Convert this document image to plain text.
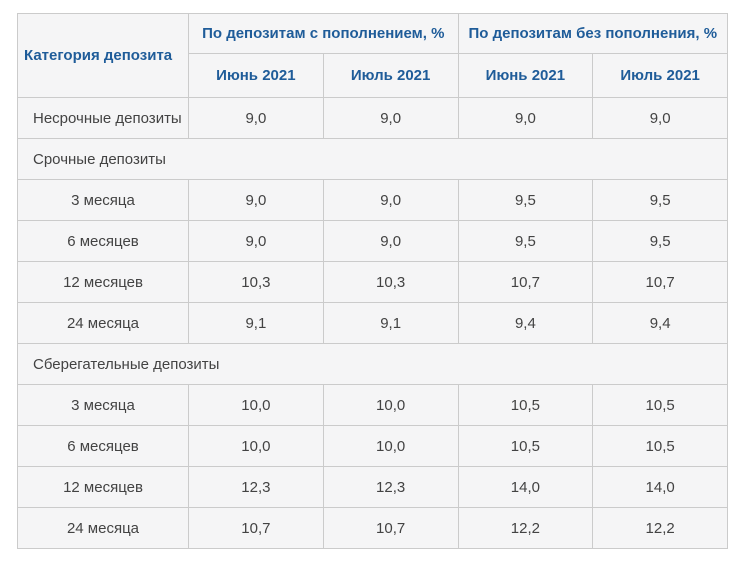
Категория депозита	По депозитам с пополнением, %		По депозитам без пополнения, %	
	Июнь 2021	Июль 2021	Июнь 2021	Июль 2021
Несрочные депозиты	9,0	9,0	9,0	9,0
Срочные депозиты				
3 месяца	9,0	9,0	9,5	9,5
6 месяцев	9,0	9,0	9,5	9,5
12 месяцев	10,3	10,3	10,7	10,7
24 месяца	9,1	9,1	9,4	9,4
Сберегательные депозиты				
3 месяца	10,0	10,0	10,5	10,5
6 месяцев	10,0	10,0	10,5	10,5
12 месяцев	12,3	12,3	14,0	14,0
24 месяца	10,7	10,7	12,2	12,2
